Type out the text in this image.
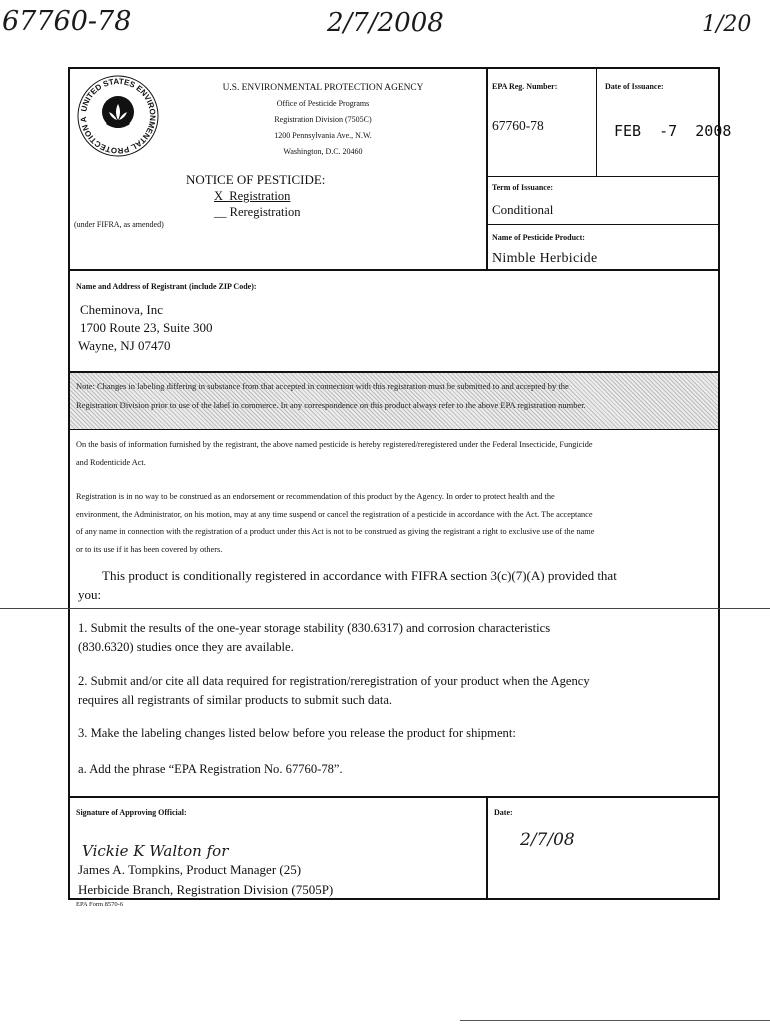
67760-78	2/7/2008	1/20
UNITED STATES ENVIRONMENTAL PROTECTION A
U.S. ENVIRONMENTAL PROTECTION AGENCY
Office of Pesticide Programs
Registration Division (7505C)
1200 Pennsylvania Ave., N.W.
Washington, D.C. 20460
NOTICE OF PESTICIDE:
X  Registration
__ Reregistration
(under FIFRA, as amended)
EPA Reg. Number:
67760-78
Date of Issuance:
FEB  -7  2008
Term of Issuance:
Conditional
Name of Pesticide Product:
Nimble Herbicide
Name and Address of Registrant (include ZIP Code):
Cheminova, Inc
1700 Route 23, Suite 300
Wayne, NJ 07470
Note: Changes in labeling differing in substance from that accepted in connection with this registration must be submitted to and accepted by the
Registration Division prior to use of the label in commerce. In any correspondence on this product always refer to the above EPA registration number.
On the basis of information furnished by the registrant, the above named pesticide is hereby registered/reregistered under the Federal Insecticide, Fungicide
and Rodenticide Act.
Registration is in no way to be construed as an endorsement or recommendation of this product by the Agency. In order to protect health and the
environment, the Administrator, on his motion, may at any time suspend or cancel the registration of a pesticide in accordance with the Act. The acceptance
of any name in connection with the registration of a product under this Act is not to be construed as giving the registrant a right to exclusive use of the name
or to its use if it has been covered by others.
This product is conditionally registered in accordance with FIFRA section 3(c)(7)(A) provided that
you:
1. Submit the results of the one-year storage stability (830.6317) and corrosion characteristics
(830.6320) studies once they are available.
2. Submit and/or cite all data required for registration/reregistration of your product when the Agency
requires all registrants of similar products to submit such data.
3. Make the labeling changes listed below before you release the product for shipment:
a. Add the phrase “EPA Registration No. 67760-78”.
Signature of Approving Official:	Date:
2/7/08
Vickie K Walton for
James A. Tompkins, Product Manager (25)
Herbicide Branch, Registration Division (7505P)
EPA Form 8570-6
